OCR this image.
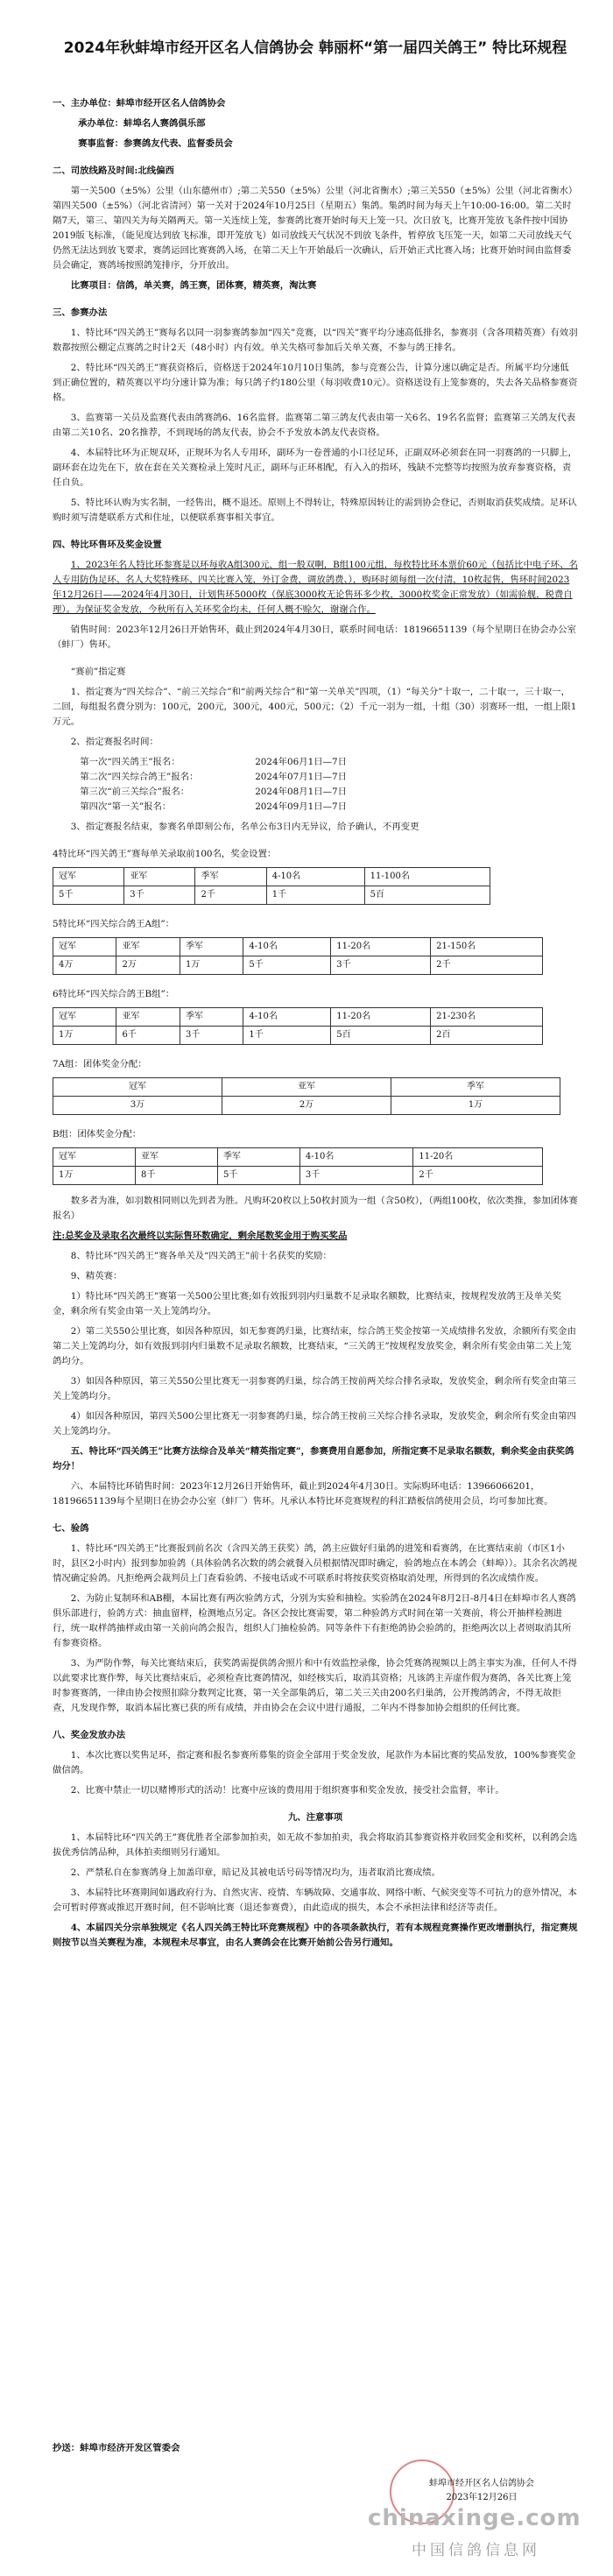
2024年秋蚌埠市经开区名人信鸽协会 韩丽杯“第一届四关鸽王” 特比环规程
一、主办单位：蚌埠市经开区名人信鸽协会

承办单位：蚌埠名人赛鸽俱乐部

赛事监督：参赛鸽友代表、监督委员会

二、司放线路及时间:北线偏西

第一关500（±5%）公里（山东德州市）;第二关550（±5%）公里（河北省衡水）;第三关550（±5%）公里（河北省衡水）第四关500（±5%）（河北省清河）第一关对于2024年10月25日（星期五）集鸽。集鸽时间为每天上午10:00-16:00。第二关时隔7天，第三、第四关为每关隔两天。第一关连续上笼，参赛鸽比赛开始时每天上笼一只。次日放飞，比赛开笼放飞条件按中国协2019版飞标准，（能见度达到放飞标准，即开笼放飞）如司放线天气状况不到放飞条件，暂停放飞压笼一天，如第二天司放线天气仍然无法达到放飞要求，赛鸽运回比赛赛鸽入场，在第二天上午开始最后一次确认，后开始正式比赛入场；比赛开始时间由监督委员会确定，赛鸽场按照鸽笼排序，分开放出。

比赛项目：信鸽，单关赛，鸽王赛，团体赛，精英赛，淘汰赛

三、参赛办法

1、特比环“四关鸽王”赛每名以同一羽参赛鸽参加“四关”竞赛，以“四关”赛平均分速高低排名，参赛羽（含各项精英赛）有效羽数都按照公棚定点赛鸽之时计2天（48小时）内有效。单关失格可参加后关单关赛，不参与鸽王排名。

2、特比环“四关鸽王”赛获资格后，资格送于2024年10月10日集鸽，参与竞赛公告，计算分速以确定是否。所属平均分速低到正确位置的，精英赛以平均分速计算为准；每只鸽子约180公里（每羽收费10元）。资格送设有上笼参赛的，失去各关品格参赛资格。

3、监赛第一关员及监赛代表由鸽赛鸽6、16名监督。监赛第二第三鸽友代表由第一关6名、19名名监督；监赛第三关鸽友代表由第二关10名、20名推荐，不到现场的鸽友代表，协会不予发放本鸽友代表资格。

4、本届特比环为正规双环，正规环为名人专用环，副环为一卷普通的小口径足环，正副双环必须套在同一羽赛鸽的一只脚上，副环套在边先在下，放在套在关关赛检录上笼时凡正，副环与正环相配，有入入的指环，残缺不完整等均按照为放弃参赛资格，责任自负。

5、特比环认购为实名制，一经售出，概不退还。原则上不得转让，特殊原因转让的需到协会登记，否则取消获奖成绩。足环认购时须写清楚联系方式和住址，以便联系赛事相关事宜。

四、特比环售环及奖金设置

1、2023年名人特比环参赛是以环每收A组300元，组一般双啊，B组100元组，每枚特比环本票价60元（包括比中电子环、名人专用防伪足环、名人大奖特殊环、四关比赛入笼，外订金费，调放鸽费、），购环时须每组一次付清，10枚起售，售环时间2023年12月26日——2024年4月30日，计划售环5000枚（保底3000枚无论售环多少枚，3000枚奖金正常发放）（如需验舰，税费自理）。为保证奖金发放，今秋所有入关环奖金均未，任何人概不赊欠，谢谢合作。

销售时间：2023年12月26日开始售环，截止到2024年4月30日，联系时间电话：18196651139（每个星期日在协会办公室（蚌厂）售环。

“赛前”指定赛

1、指定赛为“四关综合”、“前三关综合”和“前两关综合”和“第一关单关”四项，（1）“每关分”十取一，二十取一，三十取一，二回，每组报名费分别为：100元，200元，300元，400元，500元；（2）千元一羽为一组，十组（30）羽赛环一组，一组上限1万元。

2、指定赛报名时间：

第一次“四关鸽王”报名：	2024年06月1日—7日
第二次“四关综合鸽王”报名：	2024年07月1日—7日
第三次“前三关综合”报名：	2024年08月1日—7日
第四次“第一关”报名：	2024年09月1日—7日

3、指定赛报名结束，参赛名单即刻公布，名单公布3日内无异议，给予确认，不再变更

4特比环“四关鸽王”赛每单关录取前100名，奖金设置：
冠军	亚军	季军	4-10名	11-100名
5千	3千	2千	1千	5百
5特比环“四关综合鸽王A组”：
冠军	亚军	季军	4-10名	11-20名	21-150名
4万	2万	1万	5千	3千	2千
6特比环“四关综合鸽王B组”：
冠军	亚军	季军	4-10名	11-20名	21-230名
1万	6千	3千	1千	5百	2百
7A组：团体奖金分配：
冠军	亚军	季军
3万	2万	1万
B组：团体奖金分配：
冠军	亚军	季军	4-10名	11-20名
1万	8千	5千	3千	2千

数多者为准，如羽数相同则以先到者为胜。凡购环20枚以上50枚封顶为一组（含50枚），（两组100枚，依次类推，参加团体赛报名）

注:总奖金及录取名次最终以实际售环数确定，剩余尾数奖金用于购买奖品

8、特比环“四关鸽王”赛各单关及“四关鸽王”前十名获奖的奖励：

9、精英赛：

1）特比环“四关鸽王”赛第一关500公里比赛;如有效报到羽内归巢数不足录取名额数，比赛结束，按规程发放鸽王及单关奖金，剩余所有奖金由第一关上笼鸽均分。

2）第二关550公里比赛，如因各种原因，如无参赛鸽归巢，比赛结束，综合鸽王奖金按第一关成绩排名发放，余额所有奖金由第二关上笼鸽均分，如有效报到羽内归巢数不足录取名额数，比赛结束，“三关鸽王”按规程发放奖金，剩余所有奖金由第二关上笼鸽均分。

3）如因各种原因，第三关550公里比赛无一羽参赛鸽归巢，综合鸽王按前两关综合排名录取，发放奖金，剩余所有奖金由第三关上笼鸽均分。

4）如因各种原因，第四关500公里比赛无一羽参赛鸽归巢，综合鸽王按前三关综合排名录取，发放奖金，剩余所有奖金由第四关上笼鸽均分。

五、特比环“四关鸽王”比赛方法综合及单关“精英指定赛”，参赛费用自愿参加，所指定赛不足录取名额数，剩余奖金由获奖鸽均分！

六、本届特比环销售时间：2023年12月26日开始售环，截止到2024年4月30日。实际购环电话：13966066201，18196651139每个星期日在协会办公室（蚌厂）售环。凡承认本特比环竞赛规程的科汇踏板信鸽使用会员，均可参加比赛。

七、验鸽

1、特比环“四关鸽王”比赛报到前名次（含四关鸽王获奖）鸽，鸽主应做好归巢鸽的进笼和看赛鸽，在比赛结束前（市区1小时，县区2小时内）报到参加验鸽（具体验鸽名次数的鸽会就餐入员根据情况即时确定，验鸽地点在本鸽会（蚌埠））。其余名次鸽视情况确定验鸽。凡拒绝两会裁判员上门查看验鸽、不接电话或不可联系时将按获奖资格取消处理，所得到的名次成绩作废。

2、为防止复制环和AB棚，本届比赛有两次验鸽方式，分别为实验和抽检。实验鸽在2024年8月2日-8月4日在蚌埠市名人赛鸽俱乐部进行，验鸽方式：抽血留样，检测地点另定。各区会按比赛需要，第二种验鸽方式时间在第一关赛前，将公开抽样检测进行，统一取样鸽抽样或由第一关前向鸽会报告，组织人门抽检验鸽。同等条件下有拒绝鸽协会验鸽的，拒绝两次以上者则取消其所有参赛资格。

3、为严防作弊，每关比赛结束后，获奖鸽需提供鸽舍照片和中有效监控录像，协会凭赛鸽视频以上鸽主事实为准，任何人不得以此要求比赛作弊，每关比赛结束后，必须检查比赛鸽情况，如经核实后，取消其资格；凡该鸽主弄虚作假为赛鸽，各关比赛上笼时参赛赛鸽，一律由协会按照扣除分数判定比赛，第一关全部集鸽后，第二关三关由200名归巢鸽，公开搜鸽鸽舍，不得无故拒查，凡发现作弊，取消本届比赛已获的所有成绩，并由协会在会议中进行通报，二年内不得参加协会组织的任何比赛。

八、奖金发放办法

1、本次比赛以奖售足环，指定赛和报名参赛所募集的资金全部用于奖金发放，尾款作为本届比赛的奖品发放，100%参赛奖金做信鸽。

2、比赛中禁止一切以赌博形式的活动！比赛中应该的费用用于组织赛事和奖金发放，接受社会监督，率计。

九、注意事项

1、本届特比环“四关鸽王”赛优胜者全部参加拍卖，如无故不参加拍卖，我会将取消其参赛资格并收回奖金和奖杯，以利鸽会选拔优秀信鸽品种，具体拍卖细则另行通知。

2、严禁私自在参赛鸽身上加盖印章，暗记及其被电话号码等情况均为，违者取消比赛成绩。

3、本届特比环赛期间如遇政府行为、自然灾害、疫情、车辆故障、交通事故、网络中断、气候突变等不可抗力的意外情况，本会可暂时停赛或推迟开赛时间，但不影响比赛（退还参赛费），由此造成的损失，本会不承担法律和经济等责任。

4、本届四关分宗单独规定《名人四关鸽王特比环竞赛规程》中的各项条款执行，若有本规程竞赛操作更改增删执行，指定赛规则按节以当关赛程为准，本规程未尽事宜，由名人赛鸽会在比赛开始前公告另行通知。

抄送：蚌埠市经济开发区管委会
蚌埠市经开区名人信鸽协会
2023年12月26日
chinaxinge.com
中国信鸽信息网
